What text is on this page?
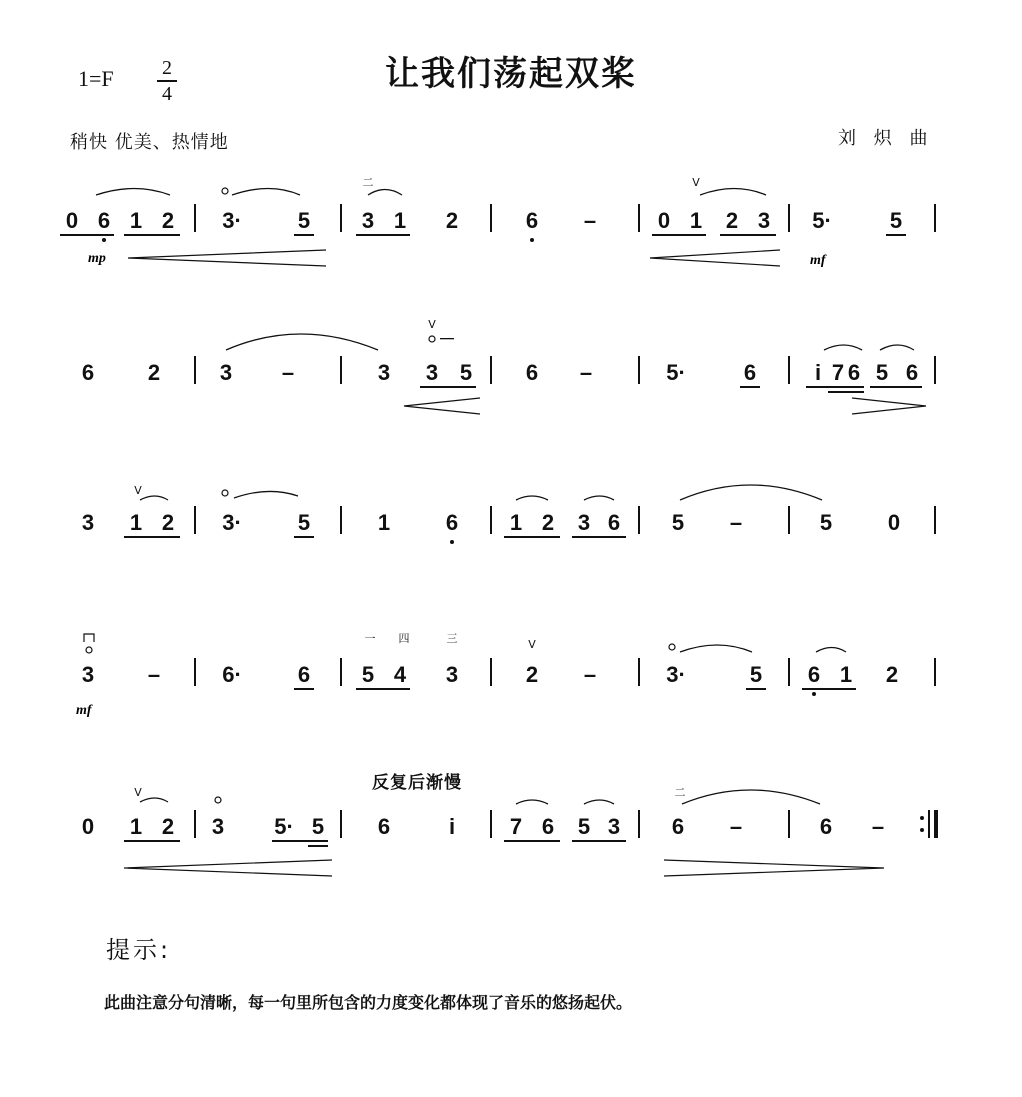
1=F 2
4	让我们荡起双桨
稍快 优美、热情地	刘 炽 曲
0 6 1 2 3·	5
二
3 1 2	6 –
V
0 1 2 3 5·	5
mp	mf
6 2	3 –	3
V
3 5 6 –	5·	6	i 7 6 5 6
3
V
1 2 3·	5	1	6 1 2 3 6 5 –	5	0
3 –
mf
6·	6
一 四	三
5 4 3
V
2 –	3·	5 6 1 2
0
V
1 2 3 5· 5 6	i 7 6 5 3
二
6 –	6 –
反复后渐慢
提示:
此曲注意分句清晰，每一句里所包含的力度变化都体现了音乐的悠扬起伏。
